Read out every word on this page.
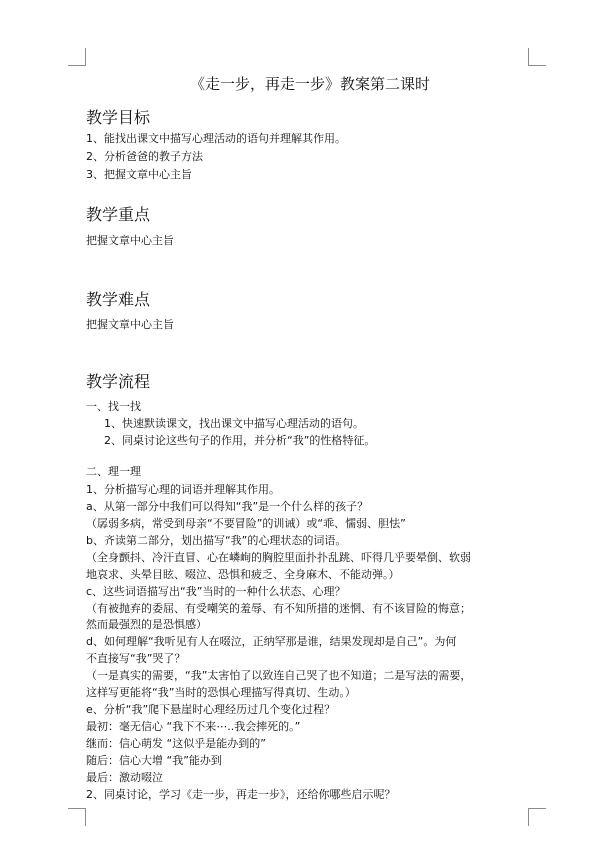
《走一步，再走一步》教案第二课时
教学目标
1、能找出课文中描写心理活动的语句并理解其作用。
2、分析爸爸的教子方法
3、把握文章中心主旨
教学重点
把握文章中心主旨
教学难点
把握文章中心主旨
教学流程
一、找一找
1、快速默读课文，找出课文中描写心理活动的语句。
2、同桌讨论这些句子的作用，并分析“我”的性格特征。
二、理一理
1、分析描写心理的词语并理解其作用。
a、从第一部分中我们可以得知“我”是一个什么样的孩子？
（孱弱多病，常受到母亲“不要冒险”的训诫）或“乖、懦弱、胆怯”
b、齐读第二部分，划出描写“我”的心理状态的词语。
（全身颤抖、冷汗直冒、心在嶙峋的胸腔里面扑扑乱跳、吓得几乎要晕倒、软弱
地哀求、头晕目眩、啜泣、恐惧和疲乏、全身麻木、不能动弹。）
c、这些词语描写出“我”当时的一种什么状态、心理？
（有被抛弃的委屈、有受嘲笑的羞辱、有不知所措的迷惘、有不该冒险的悔意；
然而最强烈的是恐惧感）
d、如何理解“我听见有人在啜泣，正纳罕那是谁，结果发现却是自己”。为何
不直接写“我”哭了？
（一是真实的需要，“我”太害怕了以致连自己哭了也不知道；二是写法的需要，
这样写更能将“我”当时的恐惧心理描写得真切、生动。）
e、分析“我”爬下悬崖时心理经历过几个变化过程？
最初：毫无信心 “我下不来⋯..我会摔死的。”
继而：信心萌发 “这似乎是能办到的”
随后：信心大增 “我”能办到
最后：激动啜泣
2、同桌讨论，学习《走一步，再走一步》，还给你哪些启示呢？
